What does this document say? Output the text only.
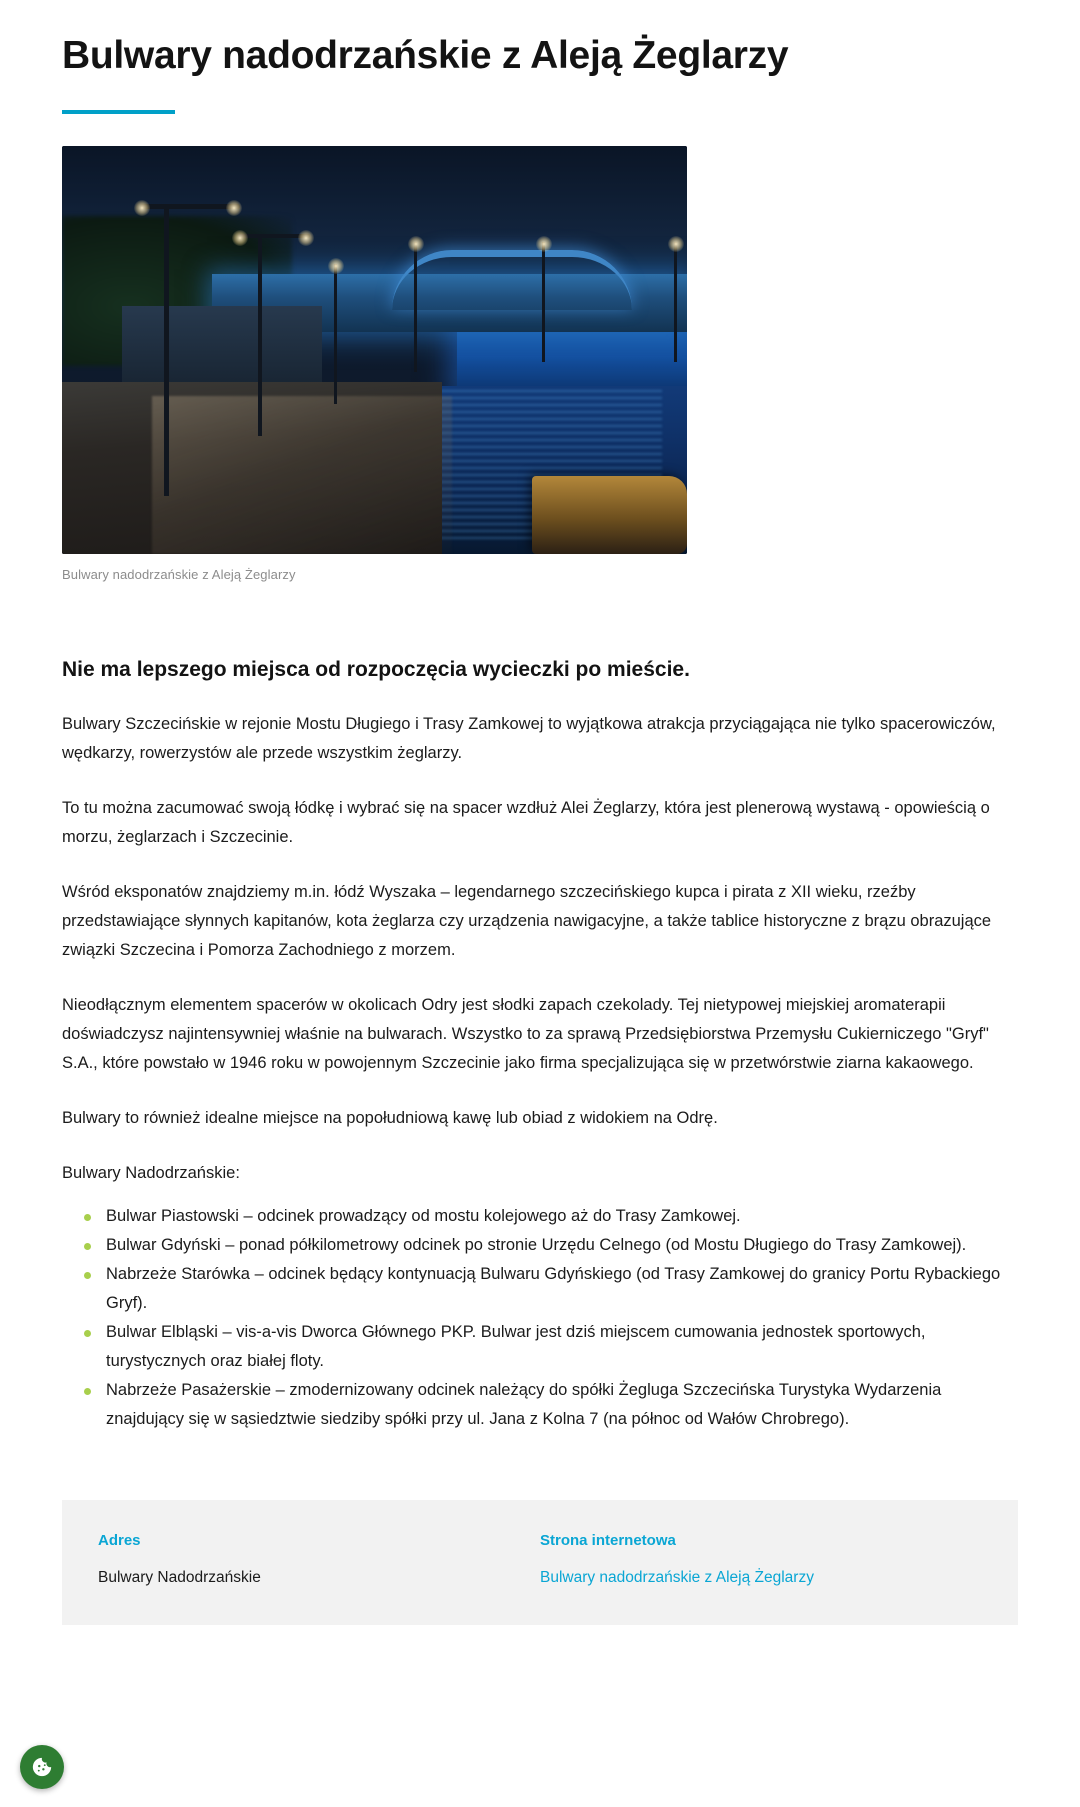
Bulwary nadodrzańskie z Aleją Żeglarzy
Bulwary nadodrzańskie z Aleją Żeglarzy
Nie ma lepszego miejsca od rozpoczęcia wycieczki po mieście.

Bulwary Szczecińskie w rejonie Mostu Długiego i Trasy Zamkowej to wyjątkowa atrakcja przyciągająca nie tylko spacerowiczów, wędkarzy, rowerzystów ale przede wszystkim żeglarzy.

To tu można zacumować swoją łódkę i wybrać się na spacer wzdłuż Alei Żeglarzy, która jest plenerową wystawą - opowieścią o morzu, żeglarzach i Szczecinie.

Wśród eksponatów znajdziemy m.in. łódź Wyszaka – legendarnego szczecińskiego kupca i pirata z XII wieku, rzeźby przedstawiające słynnych kapitanów, kota żeglarza czy urządzenia nawigacyjne, a także tablice historyczne z brązu obrazujące związki Szczecina i Pomorza Zachodniego z morzem.

Nieodłącznym elementem spacerów w okolicach Odry jest słodki zapach czekolady. Tej nietypowej miejskiej aromaterapii doświadczysz najintensywniej właśnie na bulwarach. Wszystko to za sprawą Przedsiębiorstwa Przemysłu Cukierniczego "Gryf" S.A., które powstało w 1946 roku w powojennym Szczecinie jako firma specjalizująca się w przetwórstwie ziarna kakaowego.

Bulwary to również idealne miejsce na popołudniową kawę lub obiad z widokiem na Odrę.

Bulwary Nadodrzańskie:

Bulwar Piastowski – odcinek prowadzący od mostu kolejowego aż do Trasy Zamkowej.
Bulwar Gdyński – ponad półkilometrowy odcinek po stronie Urzędu Celnego (od Mostu Długiego do Trasy Zamkowej).
Nabrzeże Starówka – odcinek będący kontynuacją Bulwaru Gdyńskiego (od Trasy Zamkowej do granicy Portu Rybackiego Gryf).
Bulwar Elbląski – vis-a-vis Dworca Głównego PKP. Bulwar jest dziś miejscem cumowania jednostek sportowych, turystycznych oraz białej floty.
Nabrzeże Pasażerskie – zmodernizowany odcinek należący do spółki Żegluga Szczecińska Turystyka Wydarzenia znajdujący się w sąsiedztwie siedziby spółki przy ul. Jana z Kolna 7 (na północ od Wałów Chrobrego).
Adres
Bulwary Nadodrzańskie
Strona internetowa
Bulwary nadodrzańskie z Aleją Żeglarzy
